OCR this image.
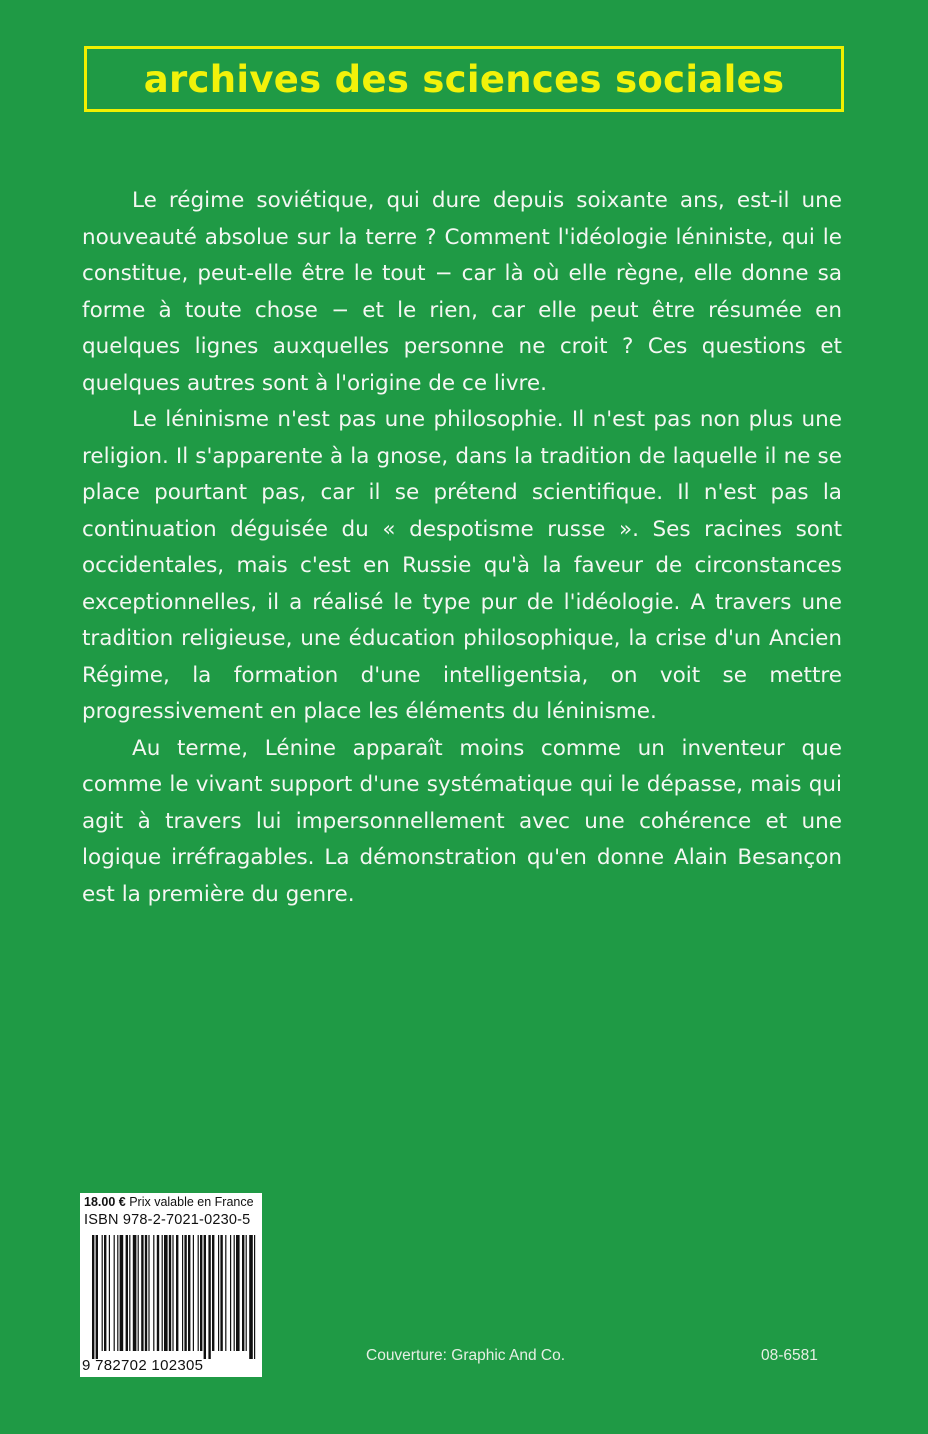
archives des sciences sociales

Le régime soviétique, qui dure depuis soixante ans, est-il une nouveauté absolue sur la terre ? Comment l'idéologie léniniste, qui le constitue, peut-elle être le tout − car là où elle règne, elle donne sa forme à toute chose − et le rien, car elle peut être résumée en quelques lignes auxquelles personne ne croit ? Ces questions et quelques autres sont à l'origine de ce livre.

Le léninisme n'est pas une philosophie. Il n'est pas non plus une religion. Il s'apparente à la gnose, dans la tradition de laquelle il ne se place pourtant pas, car il se prétend scientifique. Il n'est pas la continuation déguisée du « despotisme russe ». Ses racines sont occidentales, mais c'est en Russie qu'à la faveur de circonstances exceptionnelles, il a réalisé le type pur de l'idéologie. A travers une tradition religieuse, une éducation philosophique, la crise d'un Ancien Régime, la formation d'une intelligentsia, on voit se mettre progressivement en place les éléments du léninisme.

Au terme, Lénine apparaît moins comme un inventeur que comme le vivant support d'une systématique qui le dépasse, mais qui agit à travers lui impersonnellement avec une cohérence et une logique irréfragables. La démonstration qu'en donne Alain Besançon est la première du genre.

18.00 € Prix valable en France
ISBN 978-2-7021-0230-5
9 782702 102305
Couverture: Graphic And Co.	08-6581
